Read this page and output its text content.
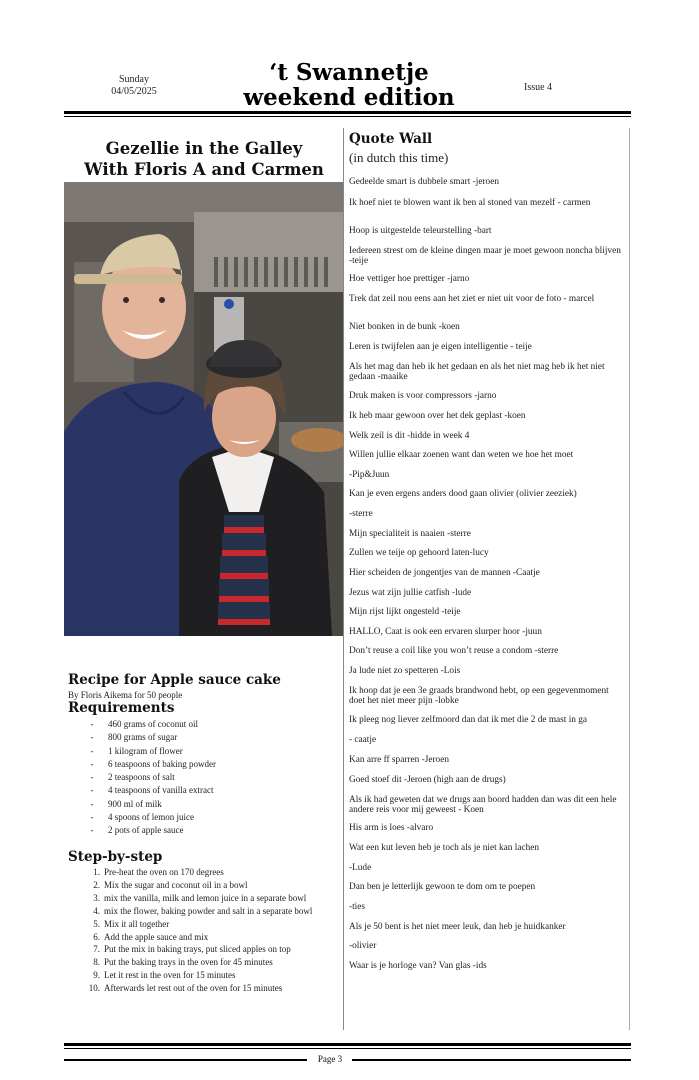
Sunday
04/05/2025
‘t Swannetje
weekend edition	Issue 4
Gezellie in the Galley
With Floris A and Carmen
Recipe for Apple sauce cake
By Floris Aikema for 50 people
Requirements
- 460 grams of coconut oil
- 800 grams of sugar
- 1 kilogram of flower
- 6 teaspoons of baking powder
- 2 teaspoons of salt
- 4 teaspoons of vanilla extract
- 900 ml of milk
- 4 spoons of lemon juice
- 2 pots of apple sauce
Step-by-step
1. Pre-heat the oven on 170 degrees
2. Mix the sugar and coconut oil in a bowl
3. mix the vanilla, milk and lemon juice in a separate bowl
4. mix the flower, baking powder and salt in a separate bowl
5. Mix it all together
6. Add the apple sauce and mix
7. Put the mix in baking trays, put sliced apples on top
8. Put the baking trays in the oven for 45 minutes
9. Let it rest in the oven for 15 minutes
10. Afterwards let rest out of the oven for 15 minutes
Quote Wall
(in dutch this time)
Gedeelde smart is dubbele smart -jeroen
Ik hoef niet te blowen want ik ben al stoned van mezelf - carmen
Hoop is uitgestelde teleurstelling -bart
Iedereen strest om de kleine dingen maar je moet gewoon noncha blijven -teije
Hoe vettiger hoe prettiger -jarno
Trek dat zeil nou eens aan het ziet er niet uit voor de foto - marcel
Niet bonken in de bunk -koen
Leren is twijfelen aan je eigen intelligentie - teije
Als het mag dan heb ik het gedaan en als het niet mag heb ik het niet gedaan -maaike
Druk maken is voor compressors -jarno
Ik heb maar gewoon over het dek geplast -koen
Welk zeil is dit -hidde in week 4
Willen jullie elkaar zoenen want dan weten we hoe het moet
-Pip&Juun
Kan je even ergens anders dood gaan olivier (olivier zeeziek)
-sterre
Mijn specialiteit is naaien -sterre
Zullen we teije op gehoord laten-lucy
Hier scheiden de jongentjes van de mannen -Caatje
Jezus wat zijn jullie catfish -lude
Mijn rijst lijkt ongesteld -teije
HALLO, Caat is ook een ervaren slurper hoor -juun
Don’t reuse a coil like you won’t reuse a condom -sterre
Ja lude niet zo spetteren -Lois
Ik hoop dat je een 3e graads brandwond hebt, op een gegevenmoment doet het niet meer pijn -lobke
Ik pleeg nog liever zelfmoord dan dat ik met die 2 de mast in ga
- caatje
Kan arre ff sparren -Jeroen
Goed stoef dit -Jeroen (high aan de drugs)
Als ik had geweten dat we drugs aan boord hadden dan was dit een hele andere reis voor mij geweest - Koen
His arm is loes -alvaro
Wat een kut leven heb je toch als je niet kan lachen
-Lude
Dan ben je letterlijk gewoon te dom om te poepen
-ties
Als je 50 bent is het niet meer leuk, dan heb je huidkanker
-olivier
Waar is je horloge van? Van glas -ids
Page 3
